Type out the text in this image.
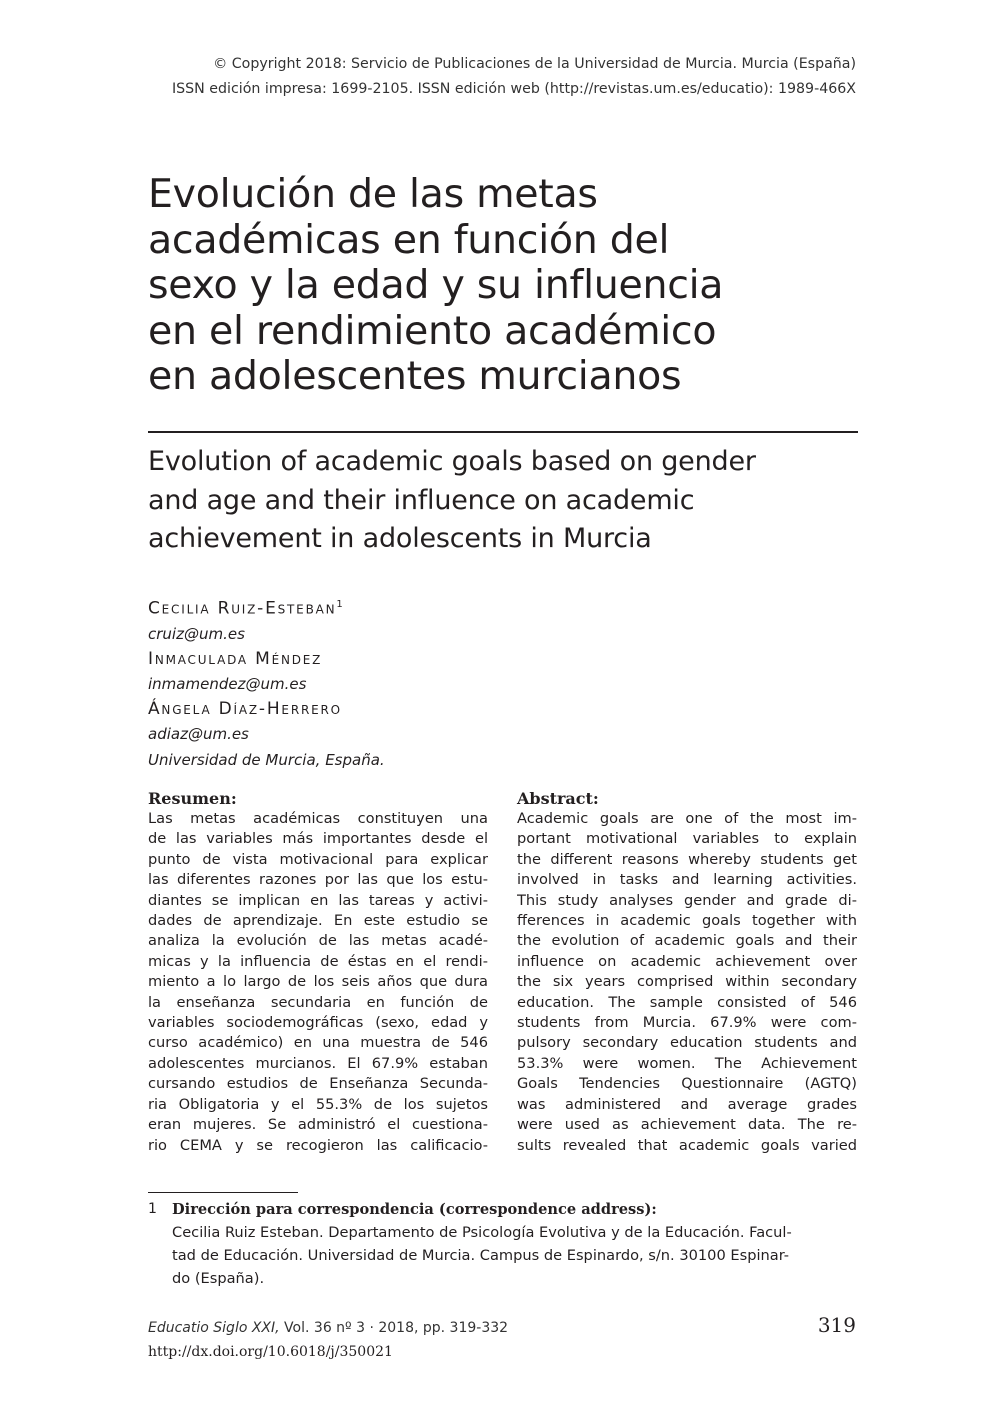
© Copyright 2018: Servicio de Publicaciones de la Universidad de Murcia. Murcia (España)
ISSN edición impresa: 1699-2105. ISSN edición web (http://revistas.um.es/educatio): 1989-466X
Evolución de las metas
académicas en función del
sexo y la edad y su influencia
en el rendimiento académico
en adolescentes murcianos
Evolution of academic goals based on gender
and age and their influence on academic
achievement in adolescents in Murcia
Cecilia Ruiz-Esteban$^1$
cruiz@um.es
Inmaculada Méndez
inmamendez@um.es
Ángela Díaz-Herrero
adiaz@um.es
Universidad de Murcia, España.
Resumen:
Las metas académicas constituyen una
de las variables más importantes desde el
punto de vista motivacional para explicar
las diferentes razones por las que los estu-
diantes se implican en las tareas y activi-
dades de aprendizaje. En este estudio se
analiza la evolución de las metas acadé-
micas y la influencia de éstas en el rendi-
miento a lo largo de los seis años que dura
la enseñanza secundaria en función de
variables sociodemográficas (sexo, edad y
curso académico) en una muestra de 546
adolescentes murcianos. El 67.9% estaban
cursando estudios de Enseñanza Secunda-
ria Obligatoria y el 55.3% de los sujetos
eran mujeres. Se administró el cuestiona-
rio CEMA y se recogieron las calificacio-
Abstract:
Academic goals are one of the most im-
portant motivational variables to explain
the different reasons whereby students get
involved in tasks and learning activities.
This study analyses gender and grade di-
fferences in academic goals together with
the evolution of academic goals and their
influence on academic achievement over
the six years comprised within secondary
education. The sample consisted of 546
students from Murcia. 67.9% were com-
pulsory secondary education students and
53.3% were women. The Achievement
Goals Tendencies Questionnaire (AGTQ)
was administered and average grades
were used as achievement data. The re-
sults revealed that academic goals varied
1 Dirección para correspondencia (correspondence address):
Cecilia Ruiz Esteban. Departamento de Psicología Evolutiva y de la Educación. Facul-
tad de Educación. Universidad de Murcia. Campus de Espinardo, s/n. 30100 Espinar-
do (España).
Educatio Siglo XXI, Vol. 36 nº 3 · 2018, pp. 319-332
http://dx.doi.org/10.6018/j/350021
319
